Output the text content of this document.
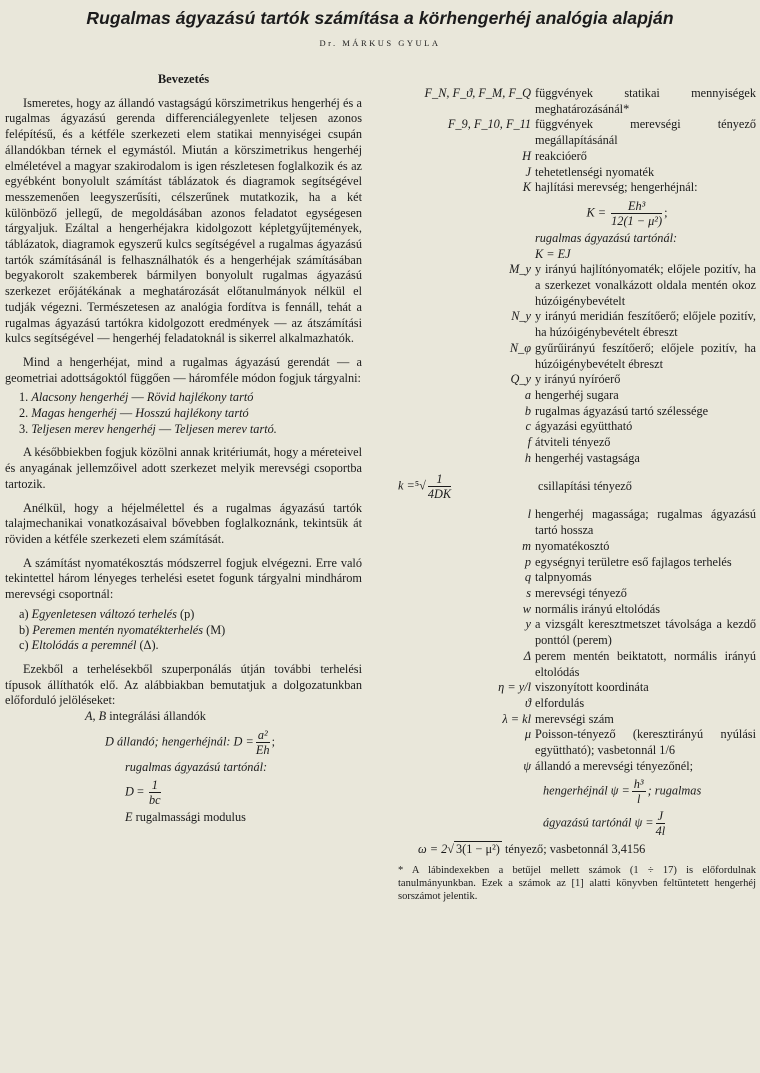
Rugalmas ágyazású tartók számítása a körhengerhéj analógia alapján
Dr. MÁRKUS GYULA
Bevezetés

Ismeretes, hogy az állandó vastagságú körszimetrikus hengerhéj és a rugalmas ágyazású gerenda differenciálegyenlete teljesen azonos felépítésű, és a kétféle szerkezeti elem statikai mennyiségei csupán állandókban térnek el egymástól. Miután a körszimetrikus hengerhéj elméletével a magyar szakirodalom is igen részletesen foglalkozik és az egyébként bonyolult számítást táblázatok és diagramok segítségével messzemenően leegyszerűsíti, célszerűnek mutatkozik, ha a két különböző jellegű, de megoldásában azonos feladatot egységesen tárgyaljuk. Ezáltal a hengerhéjakra kidolgozott képletgyűjtemények, táblázatok, diagramok egyszerű kulcs segítségével a rugalmas ágyazású tartók számításánál is felhasználhatók és a hengerhéjak számításában begyakorolt szakemberek bármilyen bonyolult rugalmas ágyazású szerkezet erőjátékának a meghatározását előtanulmányok nélkül el tudják végezni. Természetesen az analógia fordítva is fennáll, tehát a rugalmas ágyazású tartókra kidolgozott eredmények — az átszámítási kulcs segítségével — hengerhéj feladatoknál is sikerrel alkalmazhatók.

Mind a hengerhéjat, mind a rugalmas ágyazású gerendát — a geometriai adottságoktól függően — háromféle módon fogjuk tárgyalni:

1. Alacsony hengerhéj — Rövid hajlékony tartó
2. Magas hengerhéj — Hosszú hajlékony tartó
3. Teljesen merev hengerhéj — Teljesen merev tartó.

A későbbiekben fogjuk közölni annak kritériumát, hogy a méreteivel és anyagának jellemzőivel adott szerkezet melyik merevségi csoportba tartozik.

Anélkül, hogy a héjelmélettel és a rugalmas ágyazású tartók talajmechanikai vonatkozásaival bővebben foglalkoznánk, tekintsük át röviden a kétféle szerkezeti elem számítását.

A számítást nyomatékosztás módszerrel fogjuk elvégezni. Erre való tekintettel három lényeges terhelési esetet fogunk tárgyalni mindhárom merevségi csoportnál:

a) Egyenletesen változó terhelés (p)
b) Peremen mentén nyomatékterhelés (M)
c) Eltolódás a peremnél (Δ).

Ezekből a terhelésekből szuperponálás útján további terhelési típusok állíthatók elő. Az alábbiakban bemutatjuk a dolgozatunkban előforduló jelöléseket:

A, B integrálási állandók
D állandó; hengerhéjnál: $D = \frac{\text{a²}}{Eh}$ ;
rugalmas ágyazású tartónál:
$D = \frac{1}{bc}$
E rugalmassági modulus
F_N, F_ϑ, F_M, F_Q függvények statikai mennyiségek meghatározásánál*
F_9, F_10, F_11 függvények merevségi tényező megállapításánál
H reakcióerő
J tehetetlenségi nyomaték
K hajlítási merevség; hengerhéjnál:
$K = \frac{\text{Eh³}}{\text{12(1 − μ²)}}$ ;
rugalmas ágyazású tartónál:
K = EJ
M_y y irányú hajlítónyomaték; előjele pozitív, ha a szerkezet vonalkázott oldala mentén okoz húzóigénybevételt
N_y y irányú meridián feszítőerő; előjele pozitív, ha húzóigénybevételt ébreszt
N_φ gyűrűirányú feszítőerő; előjele pozitív, ha húzóigénybevételt ébreszt
Q_y y irányú nyíróerő
a hengerhéj sugara
b rugalmas ágyazású tartó szélessége
c ágyazási együttható
f átviteli tényező
h hengerhéj vastagsága
$k =^5√ \frac{1}{4DK}$	csillapítási tényező
l hengerhéj magassága; rugalmas ágyazású tartó hossza
m nyomatékosztó
p egységnyi területre eső fajlagos terhelés
q talpnyomás
s merevségi tényező
w normális irányú eltolódás
y a vizsgált keresztmetszet távolsága a kezdő ponttól (perem)
Δ perem mentén beiktatott, normális irányú eltolódás
η = y/l viszonyított koordináta
ϑ elfordulás
λ = kl merevségi szám
μ Poisson-tényező (keresztirányú nyúlási együttható); vasbetonnál 1/6
ψ állandó a merevségi tényezőnél;
hengerhéjnál $\psi = \frac{\text{h³}}{l}$ ; rugalmas
ágyazású tartónál $\psi = \frac{J}{4l}$
ω = 2√ 3(1 − μ²) tényező; vasbetonnál 3,4156

* A lábindexekben a betűjel mellett számok (1 ÷ 17) is előfordulnak tanulmányunkban. Ezek a számok az [1] alatti könyvben feltüntetett hengerhéj sorszámot jelentik.
